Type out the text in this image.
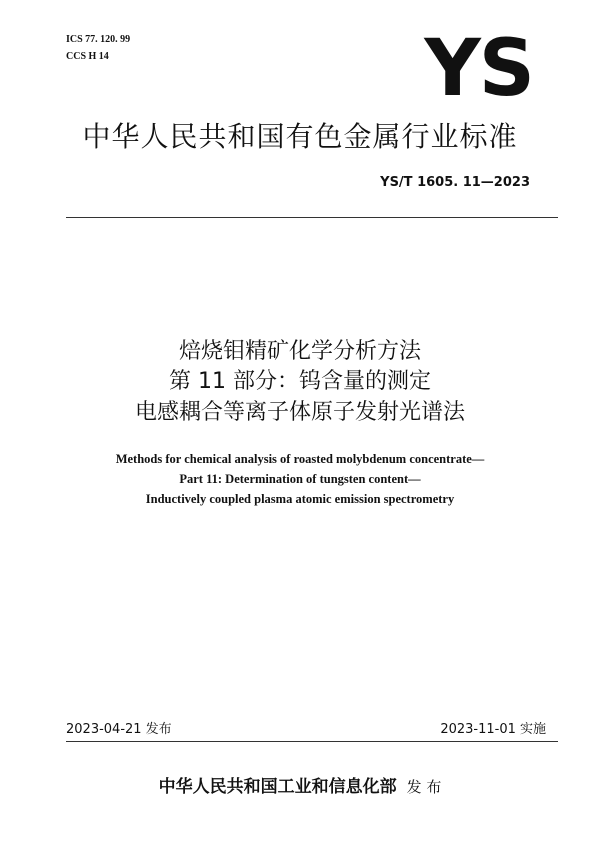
ICS 77. 120. 99
CCS H 14	YS
中华人民共和国有色金属行业标准
YS/T 1605. 11—2023
焙烧钼精矿化学分析方法
第 11 部分：钨含量的测定
电感耦合等离子体原子发射光谱法
Methods for chemical analysis of roasted molybdenum concentrate—
Part 11: Determination of tungsten content—
Inductively coupled plasma atomic emission spectrometry
2023-04-21 发布	2023-11-01 实施
中华人民共和国工业和信息化部 发 布
